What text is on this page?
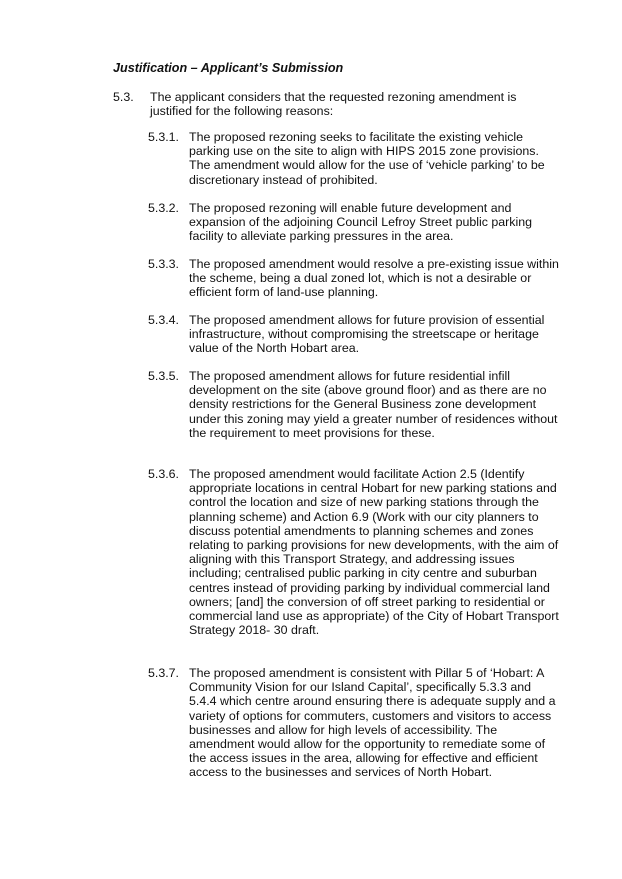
Justification – Applicant’s Submission
5.3. The applicant considers that the requested rezoning amendment is justified for the following reasons:
5.3.1. The proposed rezoning seeks to facilitate the existing vehicle parking use on the site to align with HIPS 2015 zone provisions. The amendment would allow for the use of ‘vehicle parking’ to be discretionary instead of prohibited.
5.3.2. The proposed rezoning will enable future development and expansion of the adjoining Council Lefroy Street public parking facility to alleviate parking pressures in the area.
5.3.3. The proposed amendment would resolve a pre-existing issue within the scheme, being a dual zoned lot, which is not a desirable or efficient form of land-use planning.
5.3.4. The proposed amendment allows for future provision of essential infrastructure, without compromising the streetscape or heritage value of the North Hobart area.
5.3.5. The proposed amendment allows for future residential infill development on the site (above ground floor) and as there are no density restrictions for the General Business zone development under this zoning may yield a greater number of residences without the requirement to meet provisions for these.
5.3.6. The proposed amendment would facilitate Action 2.5 (Identify appropriate locations in central Hobart for new parking stations and control the location and size of new parking stations through the planning scheme) and Action 6.9 (Work with our city planners to discuss potential amendments to planning schemes and zones relating to parking provisions for new developments, with the aim of aligning with this Transport Strategy, and addressing issues including; centralised public parking in city centre and suburban centres instead of providing parking by individual commercial land owners; [and] the conversion of off street parking to residential or commercial land use as appropriate) of the City of Hobart Transport Strategy 2018- 30 draft.
5.3.7. The proposed amendment is consistent with Pillar 5 of ‘Hobart: A Community Vision for our Island Capital’, specifically 5.3.3 and 5.4.4 which centre around ensuring there is adequate supply and a variety of options for commuters, customers and visitors to access businesses and allow for high levels of accessibility. The amendment would allow for the opportunity to remediate some of the access issues in the area, allowing for effective and efficient access to the businesses and services of North Hobart.
